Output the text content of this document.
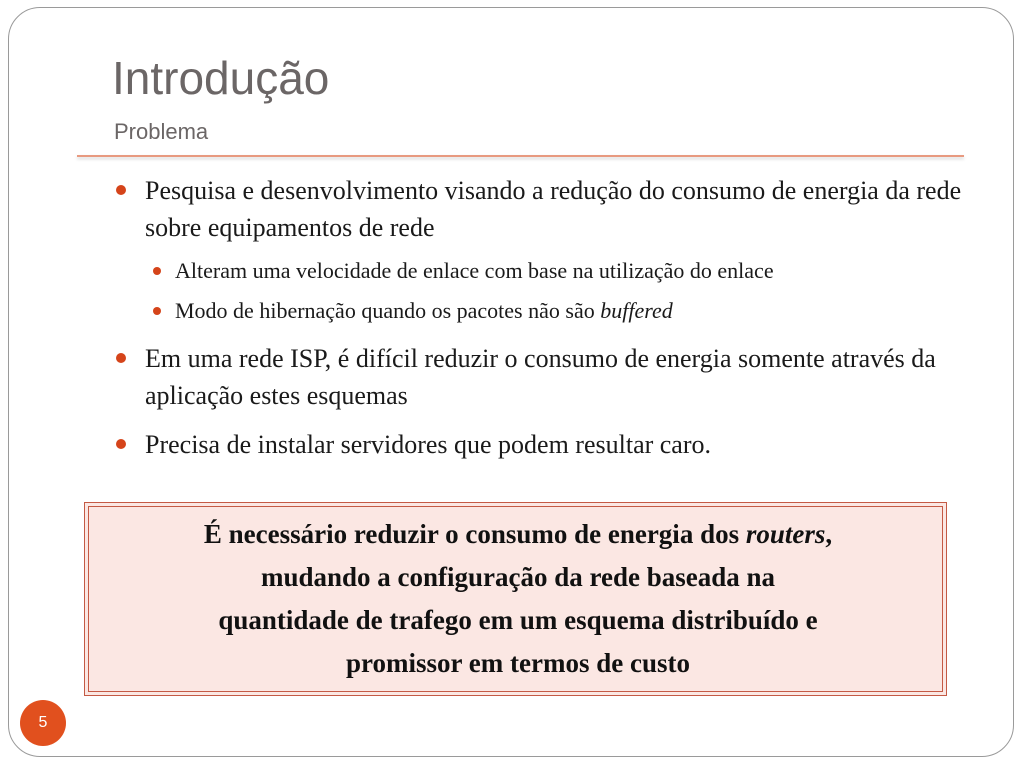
Introdução
Problema
Pesquisa e desenvolvimento visando a redução do consumo de energia da rede sobre equipamentos de rede
Alteram uma velocidade de enlace com base na utilização do enlace
Modo de hibernação quando os pacotes não são buffered
Em uma rede ISP, é difícil reduzir o consumo de energia somente através da aplicação estes esquemas
Precisa de instalar servidores que podem resultar caro.
É necessário reduzir o consumo de energia dos routers,
mudando a configuração da rede baseada na
quantidade de trafego em um esquema distribuído e
promissor em termos de custo
5
